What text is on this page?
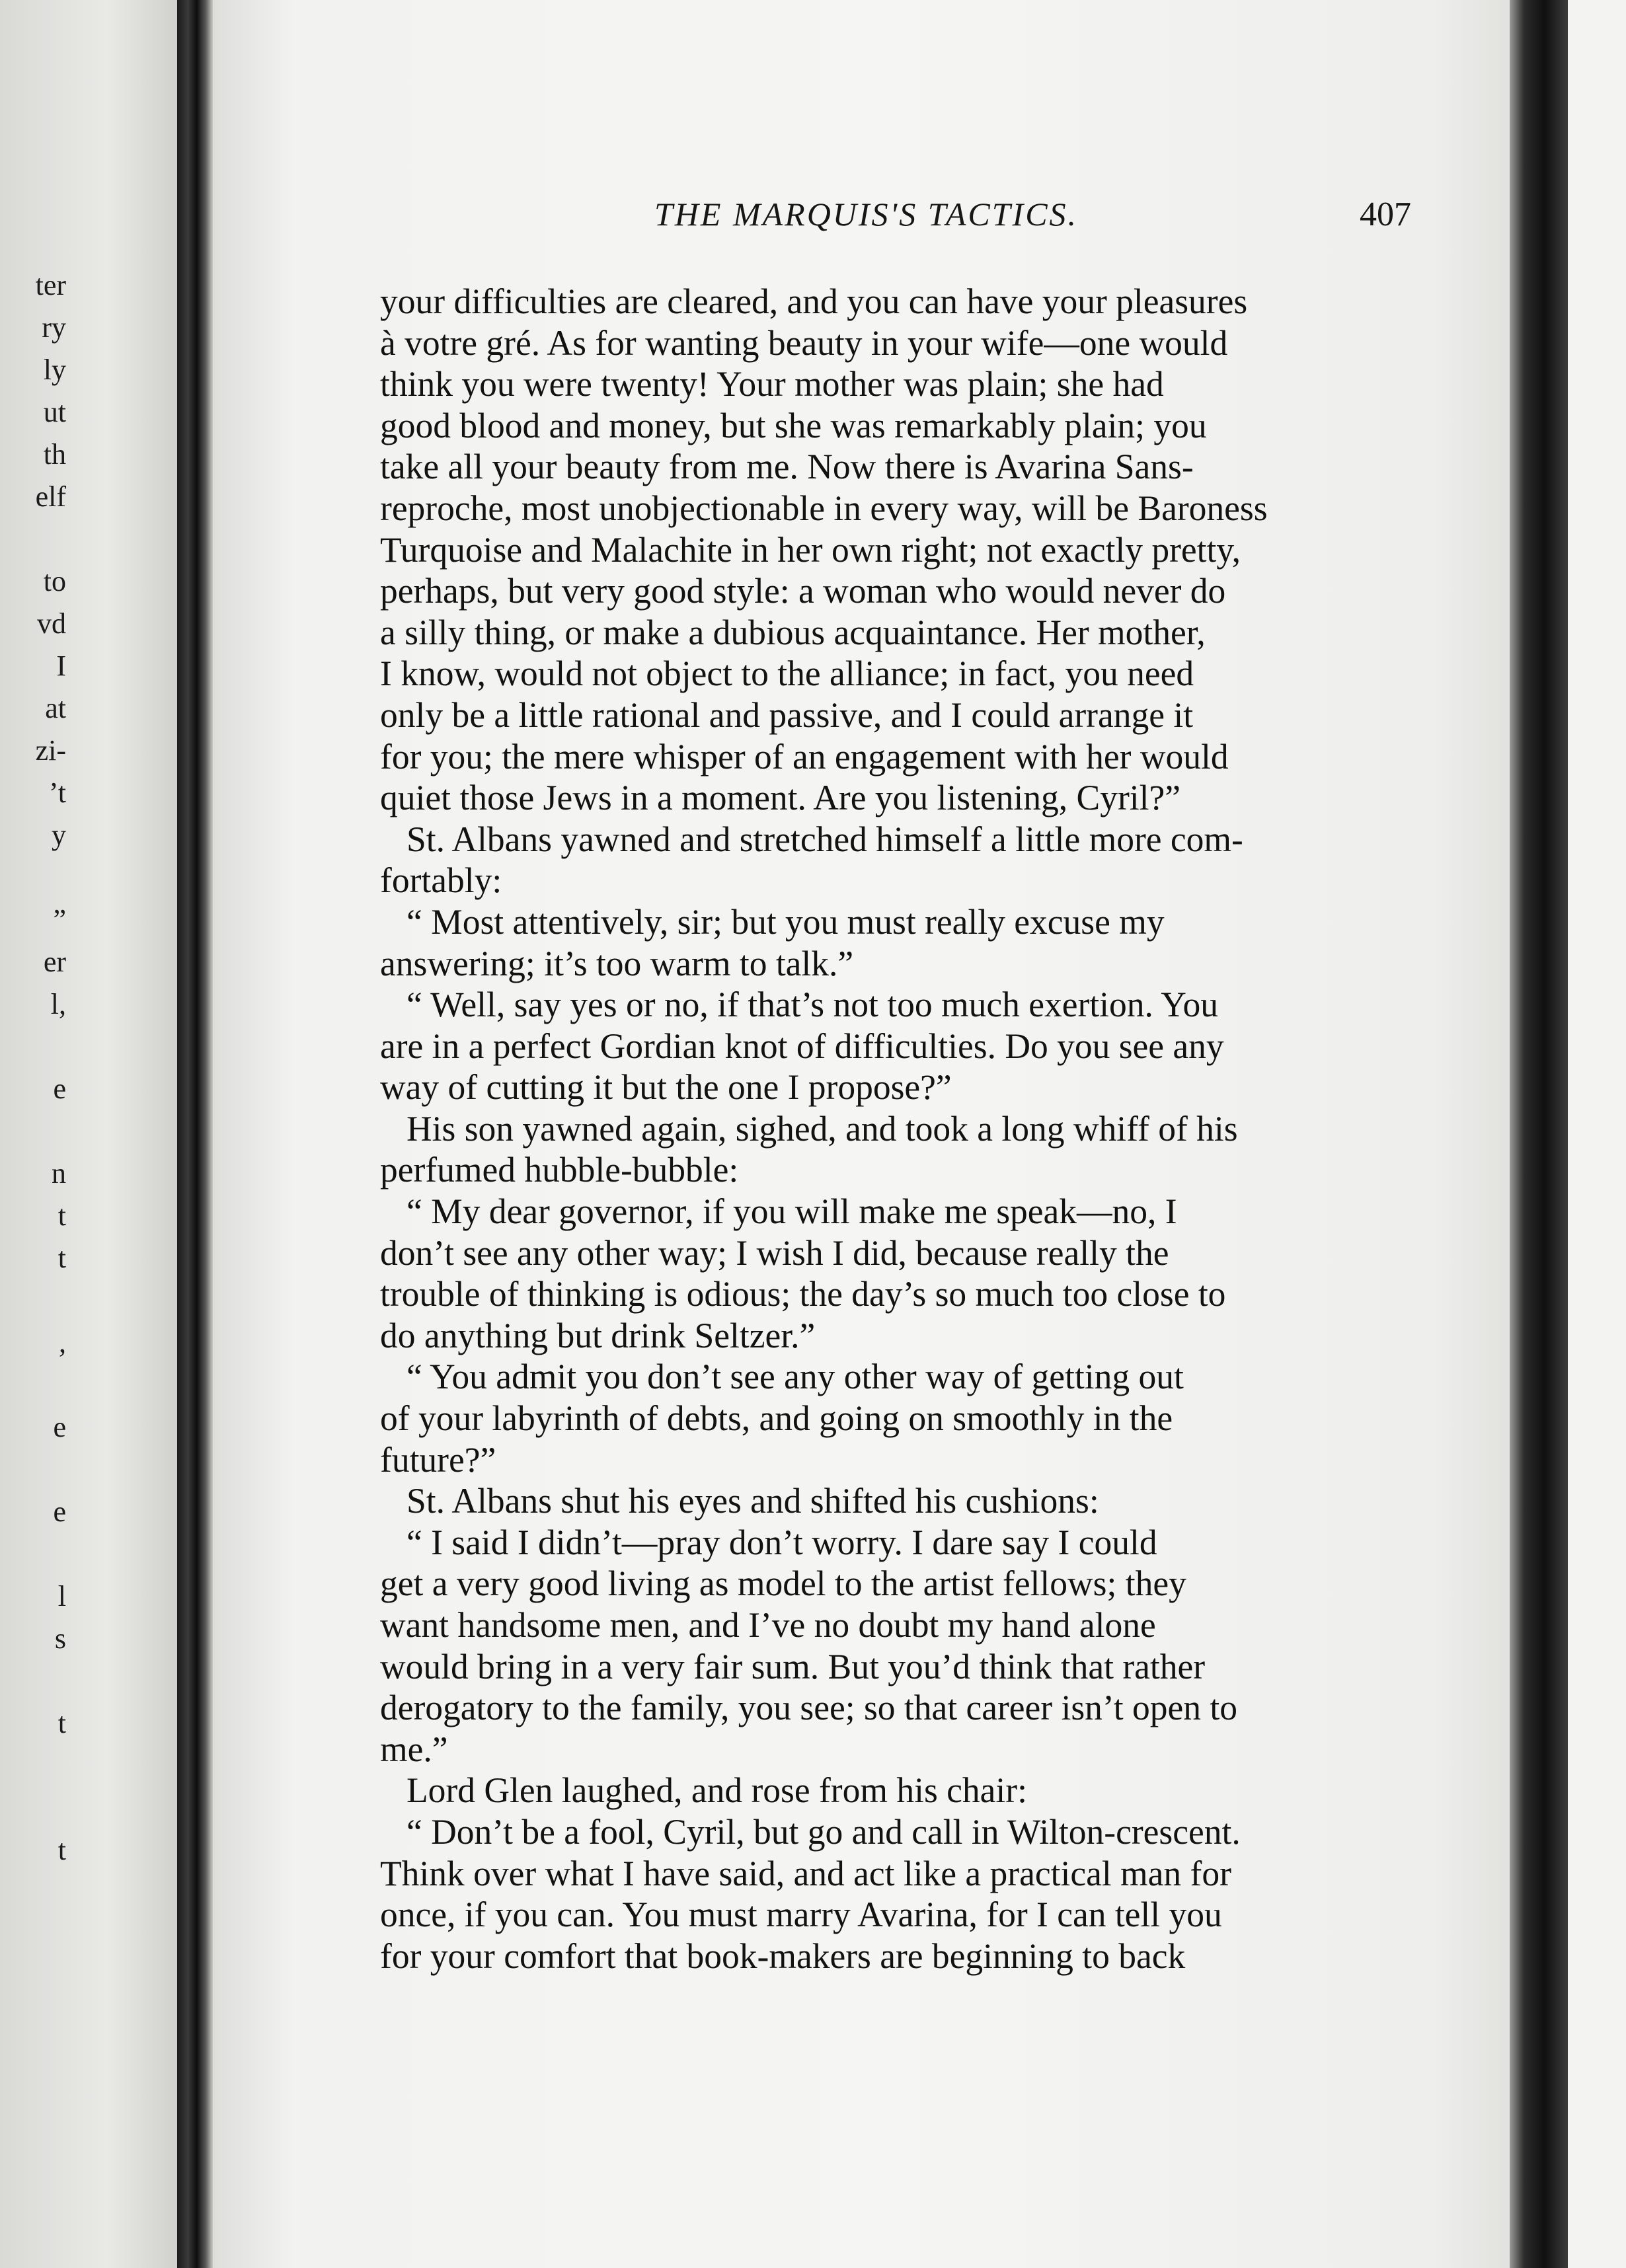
ter
ry
ly
ut
th
elf
to
vd
I
at
zi-
’t
y
”
er
l,
e
n
t
t
,
e
e
l
s
t
t
THE MARQUIS'S TACTICS.	407
your difficulties are cleared, and you can have your pleasures
à votre gré. As for wanting beauty in your wife—one would
think you were twenty! Your mother was plain; she had
good blood and money, but she was remarkably plain; you
take all your beauty from me. Now there is Avarina Sans-
reproche, most unobjectionable in every way, will be Baroness
Turquoise and Malachite in her own right; not exactly pretty,
perhaps, but very good style: a woman who would never do
a silly thing, or make a dubious acquaintance. Her mother,
I know, would not object to the alliance; in fact, you need
only be a little rational and passive, and I could arrange it
for you; the mere whisper of an engagement with her would
quiet those Jews in a moment. Are you listening, Cyril?”
St. Albans yawned and stretched himself a little more com-
fortably:
“ Most attentively, sir; but you must really excuse my
answering; it’s too warm to talk.”
“ Well, say yes or no, if that’s not too much exertion. You
are in a perfect Gordian knot of difficulties. Do you see any
way of cutting it but the one I propose?”
His son yawned again, sighed, and took a long whiff of his
perfumed hubble-bubble:
“ My dear governor, if you will make me speak—no, I
don’t see any other way; I wish I did, because really the
trouble of thinking is odious; the day’s so much too close to
do anything but drink Seltzer.”
“ You admit you don’t see any other way of getting out
of your labyrinth of debts, and going on smoothly in the
future?”
St. Albans shut his eyes and shifted his cushions:
“ I said I didn’t—pray don’t worry. I dare say I could
get a very good living as model to the artist fellows; they
want handsome men, and I’ve no doubt my hand alone
would bring in a very fair sum. But you’d think that rather
derogatory to the family, you see; so that career isn’t open to
me.”
Lord Glen laughed, and rose from his chair:
“ Don’t be a fool, Cyril, but go and call in Wilton-crescent.
Think over what I have said, and act like a practical man for
once, if you can. You must marry Avarina, for I can tell you
for your comfort that book-makers are beginning to back
